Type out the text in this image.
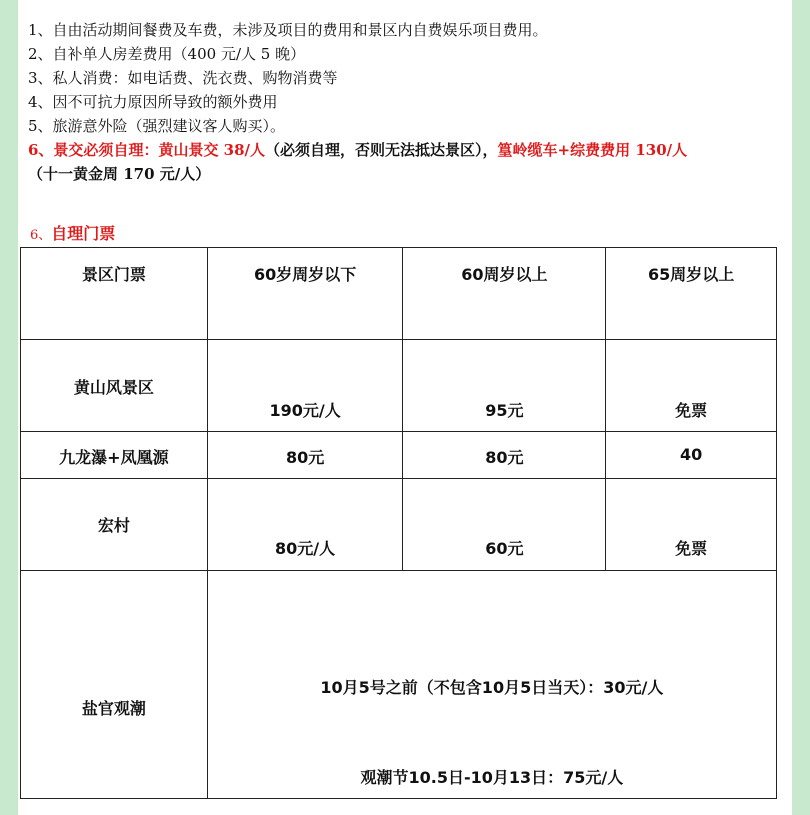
1、自由活动期间餐费及车费，未涉及项目的费用和景区内自费娱乐项目费用。
2、自补单人房差费用（400 元/人 5 晚）
3、私人消费：如电话费、洗衣费、购物消费等
4、因不可抗力原因所导致的额外费用
5、旅游意外险（强烈建议客人购买）。
6、景交必须自理：黄山景交 38/人（必须自理，否则无法抵达景区），篁岭缆车+综费费用 130/人
（十一黄金周 170 元/人）
6、自理门票
景区门票	60岁周岁以下	60周岁以上	65周岁以上

黄山风景区	190元/人	95元	免票

九龙瀑+凤凰源	80元	80元	40

宏村	80元/人	60元	免票

盐官观潮	10月5号之前（不包含10月5日当天）：30元/人
观潮节10.5日-10月13日：75元/人		
